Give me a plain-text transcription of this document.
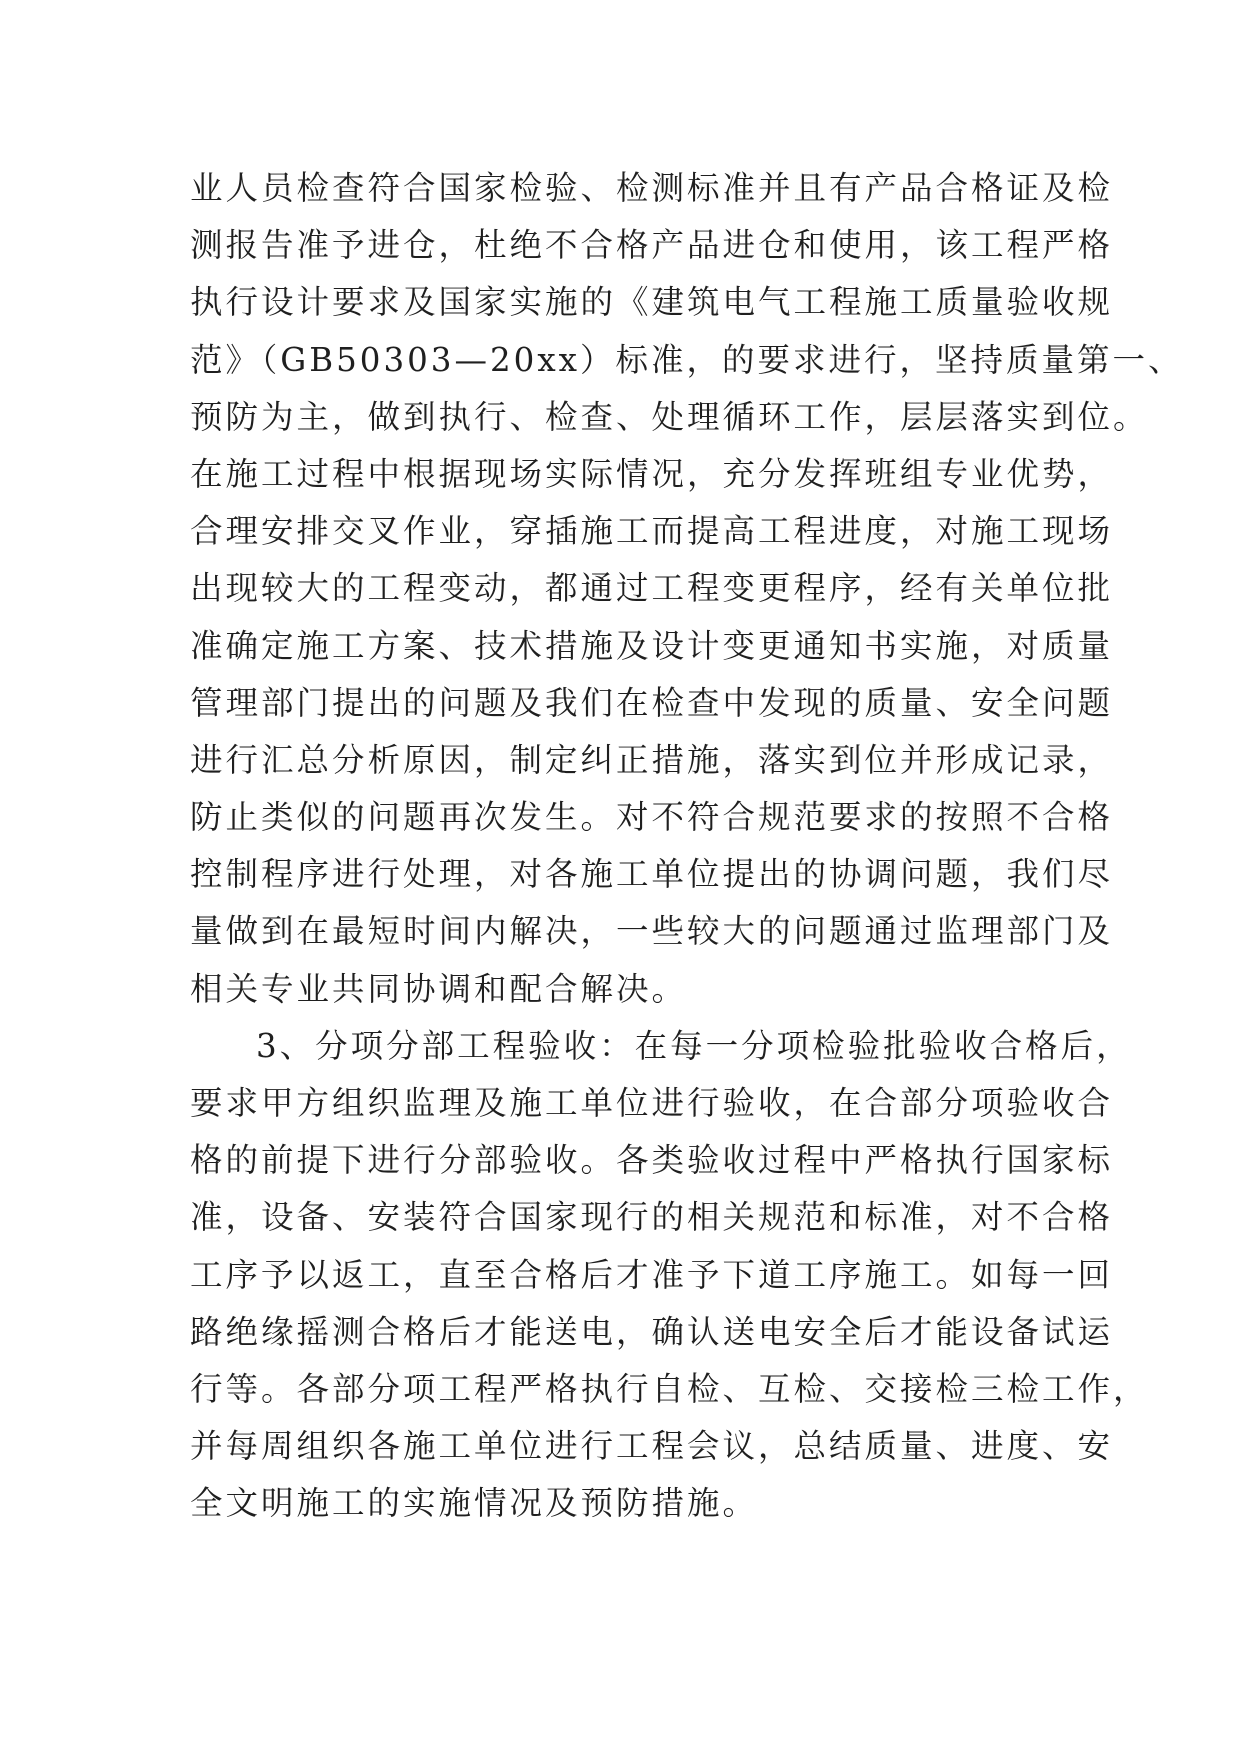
业人员检查符合国家检验、检测标准并且有产品合格证及检
测报告准予进仓，杜绝不合格产品进仓和使用，该工程严格
执行设计要求及国家实施的《建筑电气工程施工质量验收规
范》（GB50303—20xx）标准，的要求进行，坚持质量第一、
预防为主，做到执行、检查、处理循环工作，层层落实到位。
在施工过程中根据现场实际情况，充分发挥班组专业优势，
合理安排交叉作业，穿插施工而提高工程进度，对施工现场
出现较大的工程变动，都通过工程变更程序，经有关单位批
准确定施工方案、技术措施及设计变更通知书实施，对质量
管理部门提出的问题及我们在检查中发现的质量、安全问题
进行汇总分析原因，制定纠正措施，落实到位并形成记录，
防止类似的问题再次发生。对不符合规范要求的按照不合格
控制程序进行处理，对各施工单位提出的协调问题，我们尽
量做到在最短时间内解决，一些较大的问题通过监理部门及
相关专业共同协调和配合解决。
3、分项分部工程验收：在每一分项检验批验收合格后，
要求甲方组织监理及施工单位进行验收，在合部分项验收合
格的前提下进行分部验收。各类验收过程中严格执行国家标
准，设备、安装符合国家现行的相关规范和标准，对不合格
工序予以返工，直至合格后才准予下道工序施工。如每一回
路绝缘摇测合格后才能送电，确认送电安全后才能设备试运
行等。各部分项工程严格执行自检、互检、交接检三检工作，
并每周组织各施工单位进行工程会议，总结质量、进度、安
全文明施工的实施情况及预防措施。
